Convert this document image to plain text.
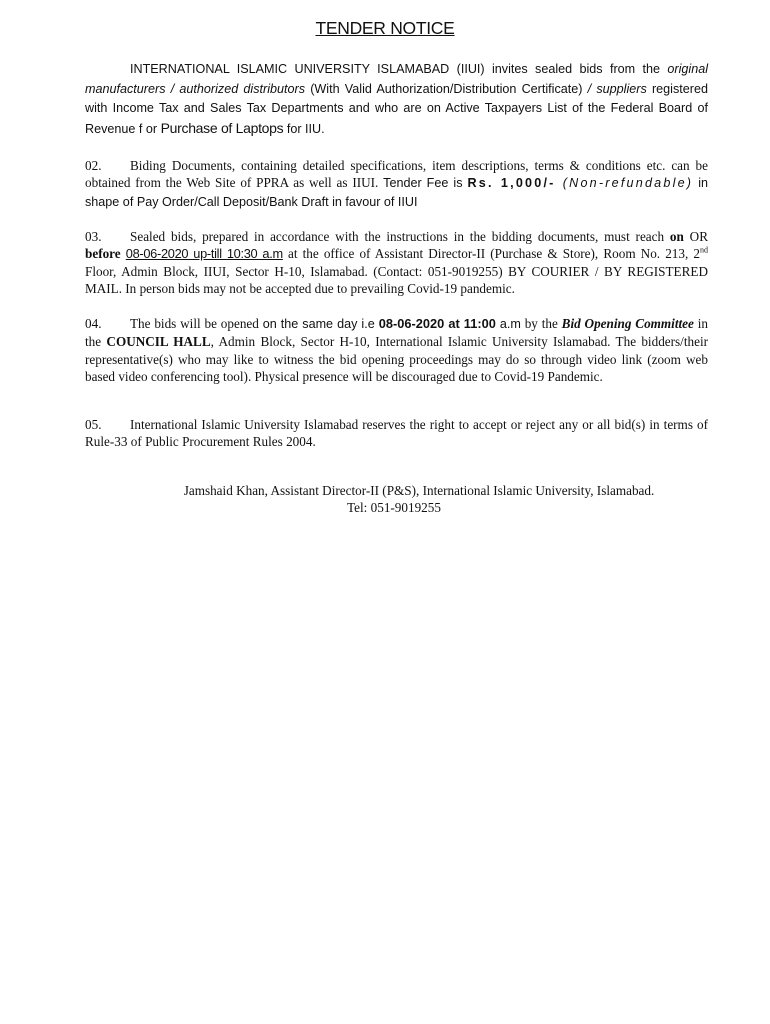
TENDER NOTICE
INTERNATIONAL ISLAMIC UNIVERSITY ISLAMABAD (IIUI) invites sealed bids from the original manufacturers / authorized distributors (With Valid Authorization/Distribution Certificate) / suppliers registered with Income Tax and Sales Tax Departments and who are on Active Taxpayers List of the Federal Board of Revenue f or Purchase of Laptops for IIU.
02. Biding Documents, containing detailed specifications, item descriptions, terms & conditions etc. can be obtained from the Web Site of PPRA as well as IIUI. Tender Fee is Rs. 1,000/- (Non-refundable) in shape of Pay Order/Call Deposit/Bank Draft in favour of IIUI
03. Sealed bids, prepared in accordance with the instructions in the bidding documents, must reach on OR before 08-06-2020 up-till 10:30 a.m at the office of Assistant Director-II (Purchase & Store), Room No. 213, 2nd Floor, Admin Block, IIUI, Sector H-10, Islamabad. (Contact: 051-9019255) BY COURIER / BY REGISTERED MAIL. In person bids may not be accepted due to prevailing Covid-19 pandemic.
04. The bids will be opened on the same day i.e 08-06-2020 at 11:00 a.m by the Bid Opening Committee in the COUNCIL HALL, Admin Block, Sector H-10, International Islamic University Islamabad. The bidders/their representative(s) who may like to witness the bid opening proceedings may do so through video link (zoom web based video conferencing tool). Physical presence will be discouraged due to Covid-19 Pandemic.
05. International Islamic University Islamabad reserves the right to accept or reject any or all bid(s) in terms of Rule-33 of Public Procurement Rules 2004.
Jamshaid Khan, Assistant Director-II (P&S), International Islamic University, Islamabad.
Tel: 051-9019255
